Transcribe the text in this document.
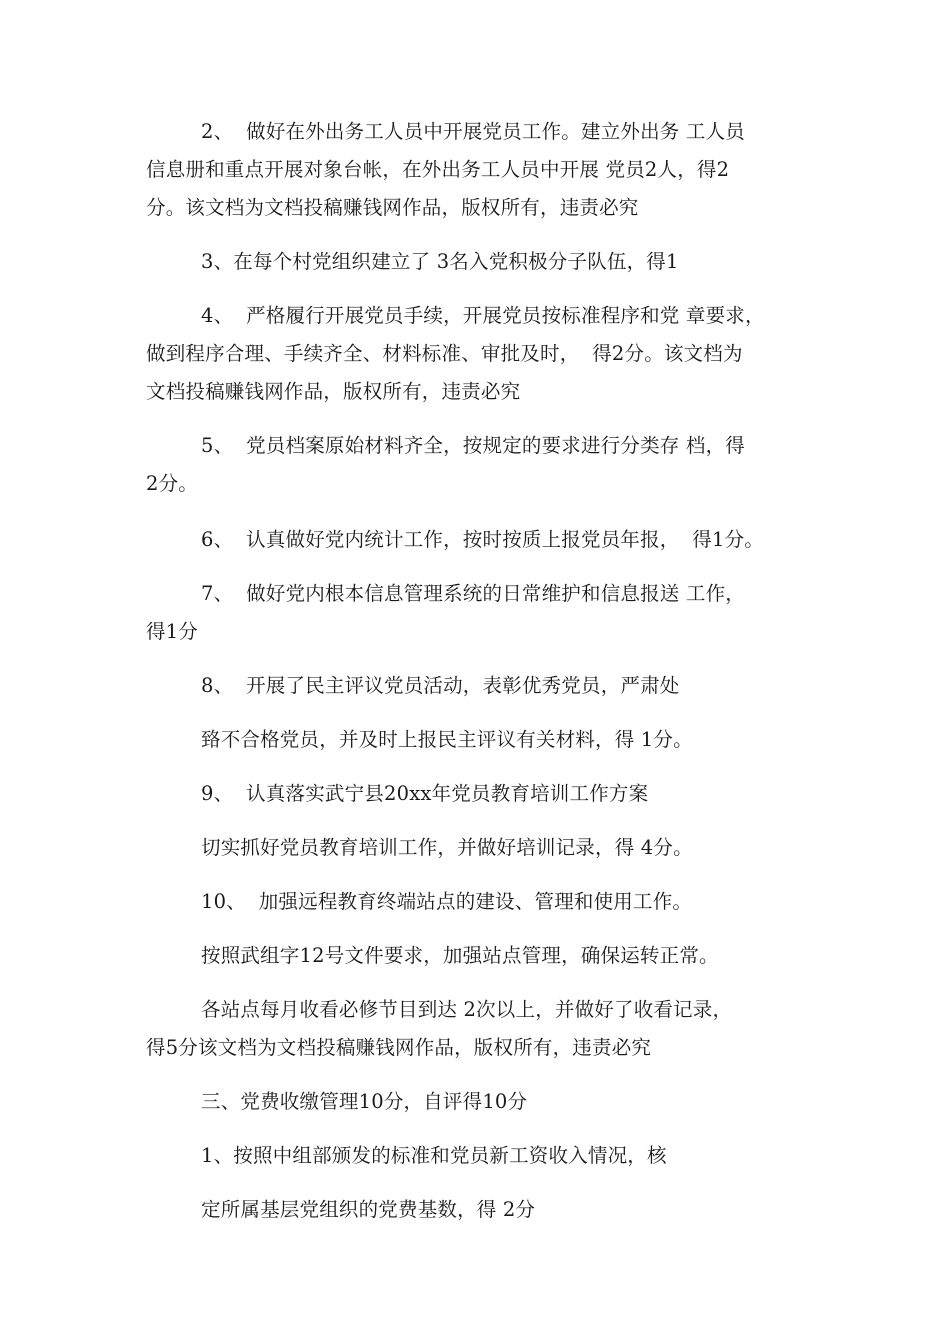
2、  做好在外出务工人员中开展党员工作。建立外出务 工人员
信息册和重点开展对象台帐，在外出务工人员中开展 党员2人，得2
分。该文档为文档投稿赚钱网作品，版权所有，违责必究
3、在每个村党组织建立了 3名入党积极分子队伍，得1
4、  严格履行开展党员手续，开展党员按标准程序和党 章要求，
做到程序合理、手续齐全、材料标准、审批及时，  得2分。该文档为
文档投稿赚钱网作品，版权所有，违责必究
5、  党员档案原始材料齐全，按规定的要求进行分类存 档，得
2分。
6、  认真做好党内统计工作，按时按质上报党员年报，  得1分。
7、  做好党内根本信息管理系统的日常维护和信息报送 工作，
得1分
8、  开展了民主评议党员活动，表彰优秀党员，严肃处
臵不合格党员，并及时上报民主评议有关材料，得 1分。
9、  认真落实武宁县20xx年党员教育培训工作方案
切实抓好党员教育培训工作，并做好培训记录，得 4分。
10、  加强远程教育终端站点的建设、管理和使用工作。
按照武组字12号文件要求，加强站点管理，确保运转正常。
各站点每月收看必修节目到达 2次以上，并做好了收看记录，
得5分该文档为文档投稿赚钱网作品，版权所有，违责必究
三、党费收缴管理10分，自评得10分
1、按照中组部颁发的标准和党员新工资收入情况，核
定所属基层党组织的党费基数，得 2分
